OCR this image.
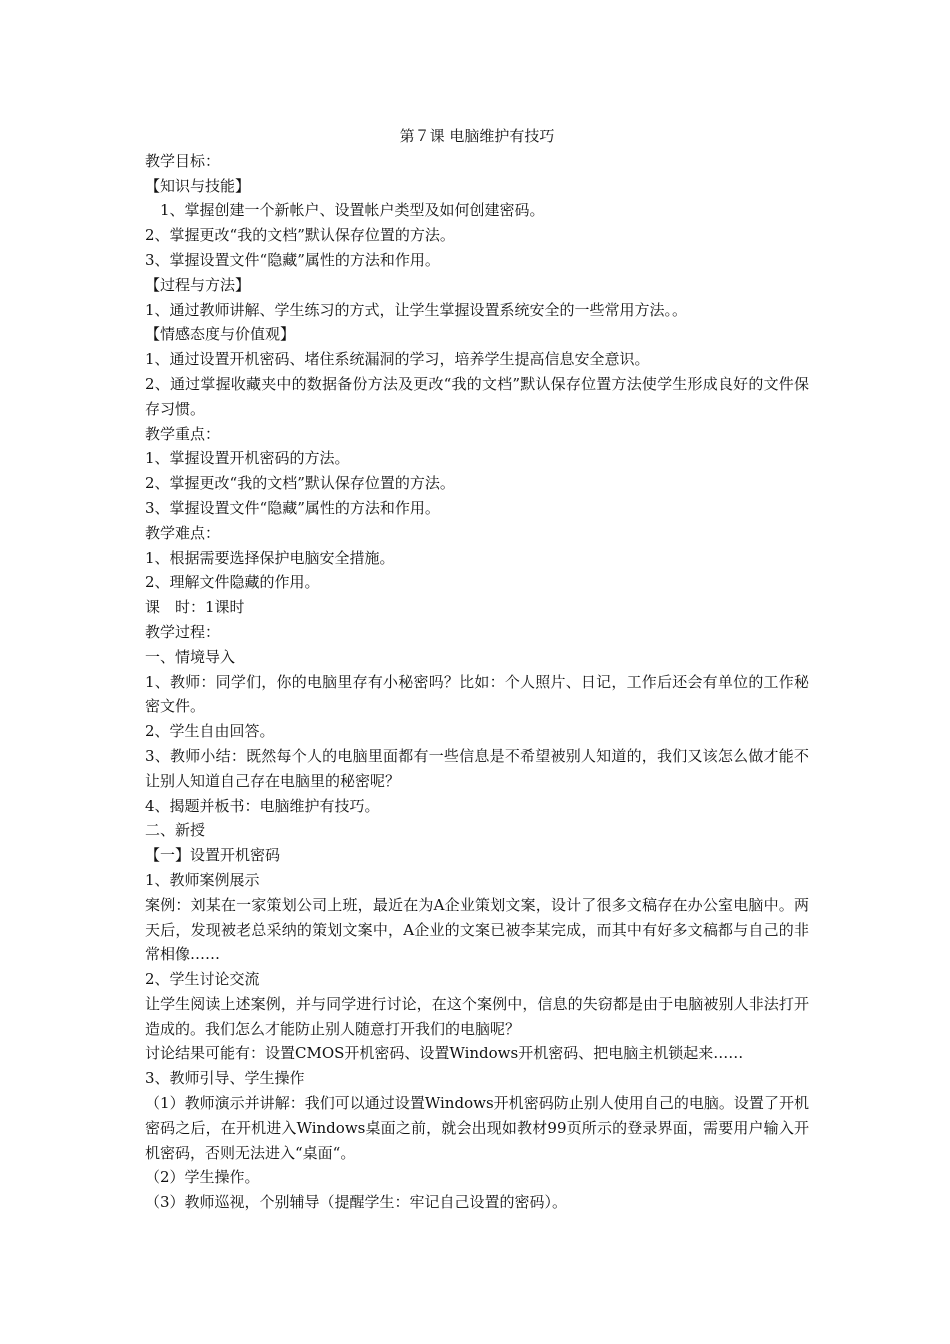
第７课 电脑维护有技巧

教学目标：

【知识与技能】

1、掌握创建一个新帐户、设置帐户类型及如何创建密码。

2、掌握更改“我的文档”默认保存位置的方法。

3、掌握设置文件“隐藏”属性的方法和作用。

【过程与方法】

1、通过教师讲解、学生练习的方式，让学生掌握设置系统安全的一些常用方法。。

【情感态度与价值观】

1、通过设置开机密码、堵住系统漏洞的学习，培养学生提高信息安全意识。

2、通过掌握收藏夹中的数据备份方法及更改“我的文档”默认保存位置方法使学生形成良好的文件保存习惯。

教学重点：

1、掌握设置开机密码的方法。

2、掌握更改“我的文档”默认保存位置的方法。

3、掌握设置文件“隐藏”属性的方法和作用。

教学难点：

1、根据需要选择保护电脑安全措施。

2、理解文件隐藏的作用。

课　时：1课时

教学过程：

一、情境导入

1、教师：同学们，你的电脑里存有小秘密吗？比如：个人照片、日记，工作后还会有单位的工作秘密文件。

2、学生自由回答。

3、教师小结：既然每个人的电脑里面都有一些信息是不希望被别人知道的，我们又该怎么做才能不让别人知道自己存在电脑里的秘密呢？

4、揭题并板书：电脑维护有技巧。

二、新授

【一】设置开机密码

1、教师案例展示

案例：刘某在一家策划公司上班，最近在为A企业策划文案，设计了很多文稿存在办公室电脑中。两天后，发现被老总采纳的策划文案中，A企业的文案已被李某完成，而其中有好多文稿都与自己的非常相像……

2、学生讨论交流

让学生阅读上述案例，并与同学进行讨论，在这个案例中，信息的失窃都是由于电脑被别人非法打开造成的。我们怎么才能防止别人随意打开我们的电脑呢？

讨论结果可能有：设置CMOS开机密码、设置Windows开机密码、把电脑主机锁起来……

3、教师引导、学生操作

（1）教师演示并讲解：我们可以通过设置Windows开机密码防止别人使用自己的电脑。设置了开机密码之后，在开机进入Windows桌面之前，就会出现如教材99页所示的登录界面，需要用户输入开机密码，否则无法进入“桌面“。

（2）学生操作。

（3）教师巡视，个别辅导（提醒学生：牢记自己设置的密码）。
